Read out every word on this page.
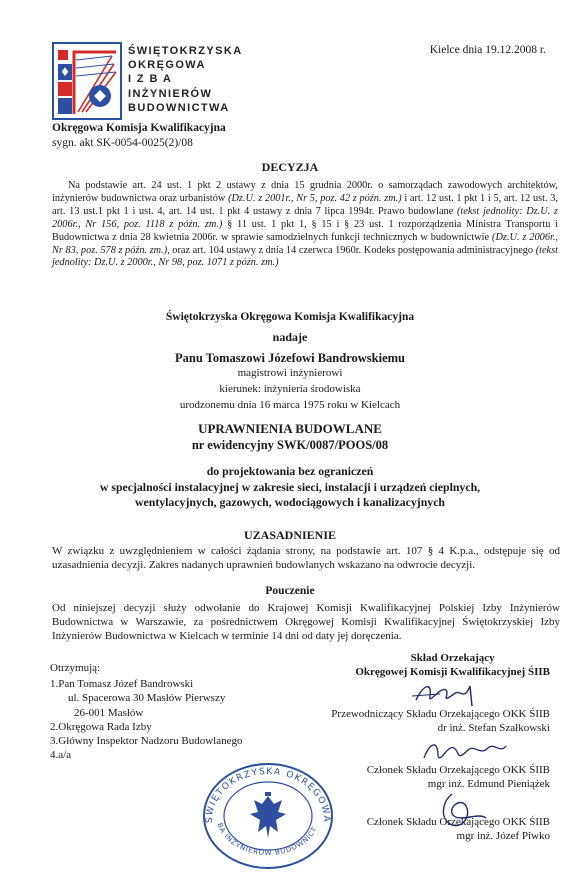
♦
ŚWIĘTOKRZYSKA
OKRĘGOWA
I Z B A
INŻYNIERÓW
BUDOWNICTWA
Kielce dnia 19.12.2008 r.
Okręgowa Komisja Kwalifikacyjna
sygn. akt SK-0054-0025(2)/08
DECYZJA
Na podstawie art. 24 ust. 1 pkt 2 ustawy z dnia 15 grudnia 2000r. o samorządach zawodowych architektów, inżynierów budownictwa oraz urbanistów (Dz.U. z 2001r., Nr 5, poz. 42 z późn. zm.) i art. 12 ust. 1 pkt 1 i 5, art. 12 ust. 3, art. 13 ust.1 pkt 1 i ust. 4, art. 14 ust. 1 pkt 4 ustawy z dnia 7 lipca 1994r. Prawo budowlane (tekst jednolity: Dz.U. z 2006r., Nr 156, poz. 1118 z późn. zm.) § 11 ust. 1 pkt 1, § 15 i § 23 ust. 1 rozporządzenia Ministra Transportu i Budownictwa z dnia 28 kwietnia 2006r. w sprawie samodzielnych funkcji technicznych w budownictwie (Dz.U. z 2006r., Nr 83, poz. 578 z późn. zm.), oraz art. 104 ustawy z dnia 14 czerwca 1960r. Kodeks postępowania administracyjnego (tekst jednolity: Dz.U. z 2000r., Nr 98, poz. 1071 z późn. zm.)
Świętokrzyska Okręgowa Komisja Kwalifikacyjna
nadaje
Panu Tomaszowi Józefowi Bandrowskiemu
magistrowi inżynierowi
kierunek: inżynieria środowiska
urodzonemu dnia 16 marca 1975 roku w Kielcach
UPRAWNIENIA BUDOWLANE
nr ewidencyjny SWK/0087/POOS/08
do projektowania bez ograniczeń
w specjalności instalacyjnej w zakresie sieci, instalacji i urządzeń cieplnych,
wentylacyjnych, gazowych, wodociągowych i kanalizacyjnych
UZASADNIENIE
W związku z uwzględnieniem w całości żądania strony, na podstawie art. 107 § 4 K.p.a., odstępuje się od uzasadnienia decyzji. Zakres nadanych uprawnień budowlanych wskazano na odwrocie decyzji.
Pouczenie
Od niniejszej decyzji służy odwołanie do Krajowej Komisji Kwalifikacyjnej Polskiej Izby Inżynierów Budownictwa w Warszawie, za pośrednictwem Okręgowej Komisji Kwalifikacyjnej Świętokrzyskiej Izby Inżynierów Budownictwa w Kielcach w terminie 14 dni od daty jej doręczenia.
Otrzymują:
1.Pan Tomasz Józef Bandrowski
ul. Spacerowa 30 Masłów Pierwszy
26-001 Masłów
2.Okręgowa Rada Izby
3.Główny Inspektor Nadzoru Budowlanego
4.a/a
ŚWIĘTOKRZYSKA OKRĘGOWA
BA INŻYNIERÓW BUDOWNICT
Skład Orzekający
Okręgowej Komisji Kwalifikacyjnej ŚIIB
Przewodniczący Składu Orzekającego OKK ŚIIB
dr inż. Stefan Szałkowski
Członek Składu Orzekającego OKK ŚIIB
mgr inż. Edmund Pieniążek
Członek Składu Orzekającego OKK ŚIIB
mgr inż. Józef Piwko
